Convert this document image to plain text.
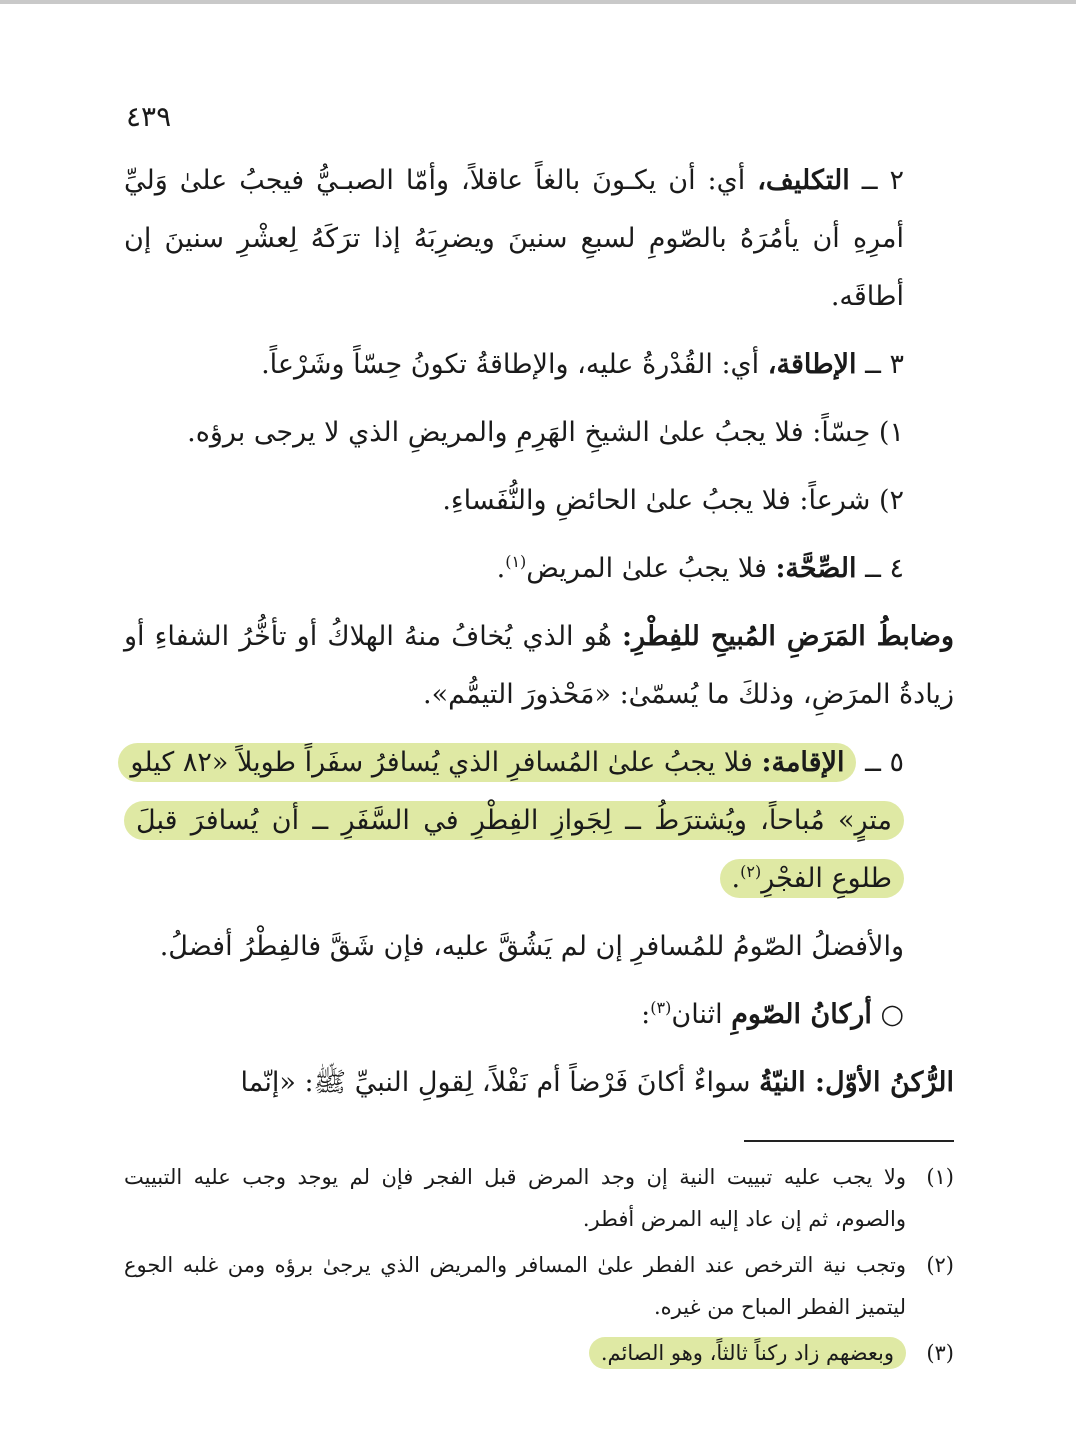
٤٣٩

٢ ــ التكليف، أي: أن يكـونَ بالغاً عاقلاً، وأمّا الصبـيُّ فيجبُ علىٰ وَليِّ أمرِهِ أن يأمُرَهُ بالصّومِ لسبعِ سنينَ ويضرِبَهُ إذا ترَكَهُ لِعشْرِ سنينَ إن أطاقَه.

٣ ــ الإطاقة، أي: القُدْرةُ عليه، والإطاقةُ تكونُ حِسّاً وشَرْعاً.

١) حِسّاً: فلا يجبُ علىٰ الشيخِ الهَرِمِ والمريضِ الذي لا يرجى برؤه.

٢) شرعاً: فلا يجبُ علىٰ الحائضِ والنُّفَساءِ.

٤ ــ الصِّحَّة: فلا يجبُ علىٰ المريض$^{(١)}$.

وضابطُ المَرَضِ المُبيحِ للفِطْرِ: هُو الذي يُخافُ منهُ الهلاكُ أو تأخُّرُ الشفاءِ أو زيادةُ المرَضِ، وذلكَ ما يُسمّىٰ: «مَحْذورَ التيمُّم».

٥ ــ الإقامة: فلا يجبُ علىٰ المُسافرِ الذي يُسافرُ سفَراً طويلاً «٨٢ كيلو مترٍ» مُباحاً، ويُشترَطُ ــ لِجَوازِ الفِطْرِ في السَّفَرِ ــ أن يُسافرَ قبلَ طلوعِ الفجْرِ$^{(٢)}$.

والأفضلُ الصّومُ للمُسافرِ إن لم يَشُقَّ عليه، فإن شَقَّ فالفِطْرُ أفضلُ.

○ أركانُ الصّومِ اثنان$^{(٣)}$:

الرُّكنُ الأوّل: النيّةُ سواءٌ أكانَ فَرْضاً أم نَفْلاً، لِقولِ النبيِّ ﷺ: «إنّما

(١)
ولا يجب عليه تبييت النية إن وجد المرض قبل الفجر فإن لم يوجد وجب عليه التبييت والصوم، ثم إن عاد إليه المرض أفطر.
(٢)
وتجب نية الترخص عند الفطر علىٰ المسافر والمريض الذي يرجىٰ برؤه ومن غلبه الجوع ليتميز الفطر المباح من غيره.
(٣)
وبعضهم زاد ركناً ثالثاً، وهو الصائم.
